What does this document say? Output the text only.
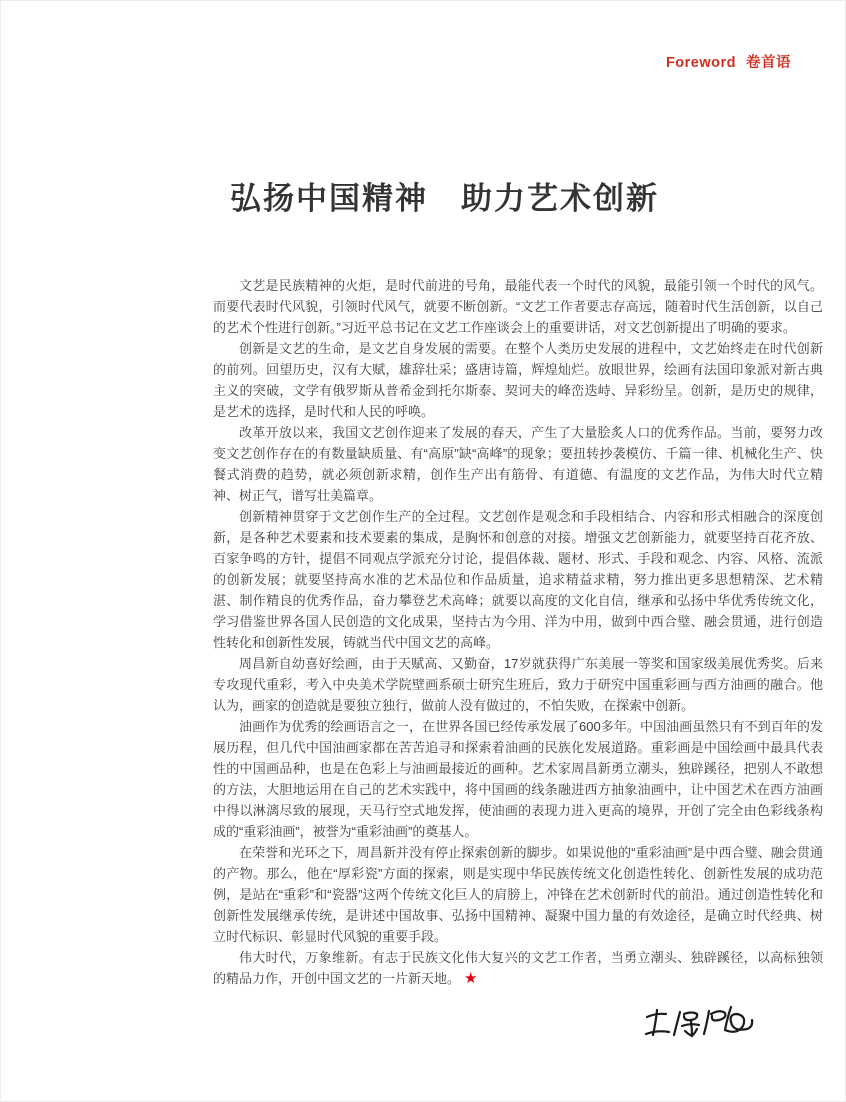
Foreword 卷首语
弘扬中国精神　助力艺术创新

文艺是民族精神的火炬，是时代前进的号角，最能代表一个时代的风貌，最能引领一个时代的风气。而要代表时代风貌，引领时代风气，就要不断创新。“文艺工作者要志存高远，随着时代生活创新，以自己的艺术个性进行创新。”习近平总书记在文艺工作座谈会上的重要讲话，对文艺创新提出了明确的要求。

创新是文艺的生命，是文艺自身发展的需要。在整个人类历史发展的进程中，文艺始终走在时代创新的前列。回望历史，汉有大赋，雄辞壮采；盛唐诗篇，辉煌灿烂。放眼世界，绘画有法国印象派对新古典主义的突破，文学有俄罗斯从普希金到托尔斯泰、契诃夫的峰峦迭峙、异彩纷呈。创新，是历史的规律，是艺术的选择，是时代和人民的呼唤。

改革开放以来，我国文艺创作迎来了发展的春天，产生了大量脍炙人口的优秀作品。当前，要努力改变文艺创作存在的有数量缺质量、有“高原”缺“高峰”的现象；要扭转抄袭模仿、千篇一律、机械化生产、快餐式消费的趋势，就必须创新求精，创作生产出有筋骨、有道德、有温度的文艺作品，为伟大时代立精神、树正气，谱写壮美篇章。

创新精神贯穿于文艺创作生产的全过程。文艺创作是观念和手段相结合、内容和形式相融合的深度创新，是各种艺术要素和技术要素的集成，是胸怀和创意的对接。增强文艺创新能力，就要坚持百花齐放、百家争鸣的方针，提倡不同观点学派充分讨论，提倡体裁、题材、形式、手段和观念、内容、风格、流派的创新发展；就要坚持高水准的艺术品位和作品质量，追求精益求精，努力推出更多思想精深、艺术精湛、制作精良的优秀作品，奋力攀登艺术高峰；就要以高度的文化自信，继承和弘扬中华优秀传统文化，学习借鉴世界各国人民创造的文化成果，坚持古为今用、洋为中用，做到中西合璧、融会贯通，进行创造性转化和创新性发展，铸就当代中国文艺的高峰。

周昌新自幼喜好绘画，由于天赋高、又勤奋，17岁就获得广东美展一等奖和国家级美展优秀奖。后来专攻现代重彩，考入中央美术学院壁画系硕士研究生班后，致力于研究中国重彩画与西方油画的融合。他认为，画家的创造就是要独立独行，做前人没有做过的，不怕失败，在探索中创新。

油画作为优秀的绘画语言之一，在世界各国已经传承发展了600多年。中国油画虽然只有不到百年的发展历程，但几代中国油画家都在苦苦追寻和探索着油画的民族化发展道路。重彩画是中国绘画中最具代表性的中国画品种，也是在色彩上与油画最接近的画种。艺术家周昌新勇立潮头，独辟蹊径，把别人不敢想的方法，大胆地运用在自己的艺术实践中，将中国画的线条融进西方抽象油画中，让中国艺术在西方油画中得以淋漓尽致的展现，天马行空式地发挥，使油画的表现力进入更高的境界，开创了完全由色彩线条构成的“重彩油画”，被誉为“重彩油画”的奠基人。

在荣誉和光环之下，周昌新并没有停止探索创新的脚步。如果说他的“重彩油画”是中西合璧、融会贯通的产物。那么，他在“厚彩瓷”方面的探索，则是实现中华民族传统文化创造性转化、创新性发展的成功范例，是站在“重彩”和“瓷器”这两个传统文化巨人的肩膀上，冲锋在艺术创新时代的前沿。通过创造性转化和创新性发展继承传统，是讲述中国故事、弘扬中国精神、凝聚中国力量的有效途径，是确立时代经典、树立时代标识、彰显时代风貌的重要手段。

伟大时代，万象维新。有志于民族文化伟大复兴的文艺工作者，当勇立潮头、独辟蹊径，以高标独领的精品力作，开创中国文艺的一片新天地。 ★
